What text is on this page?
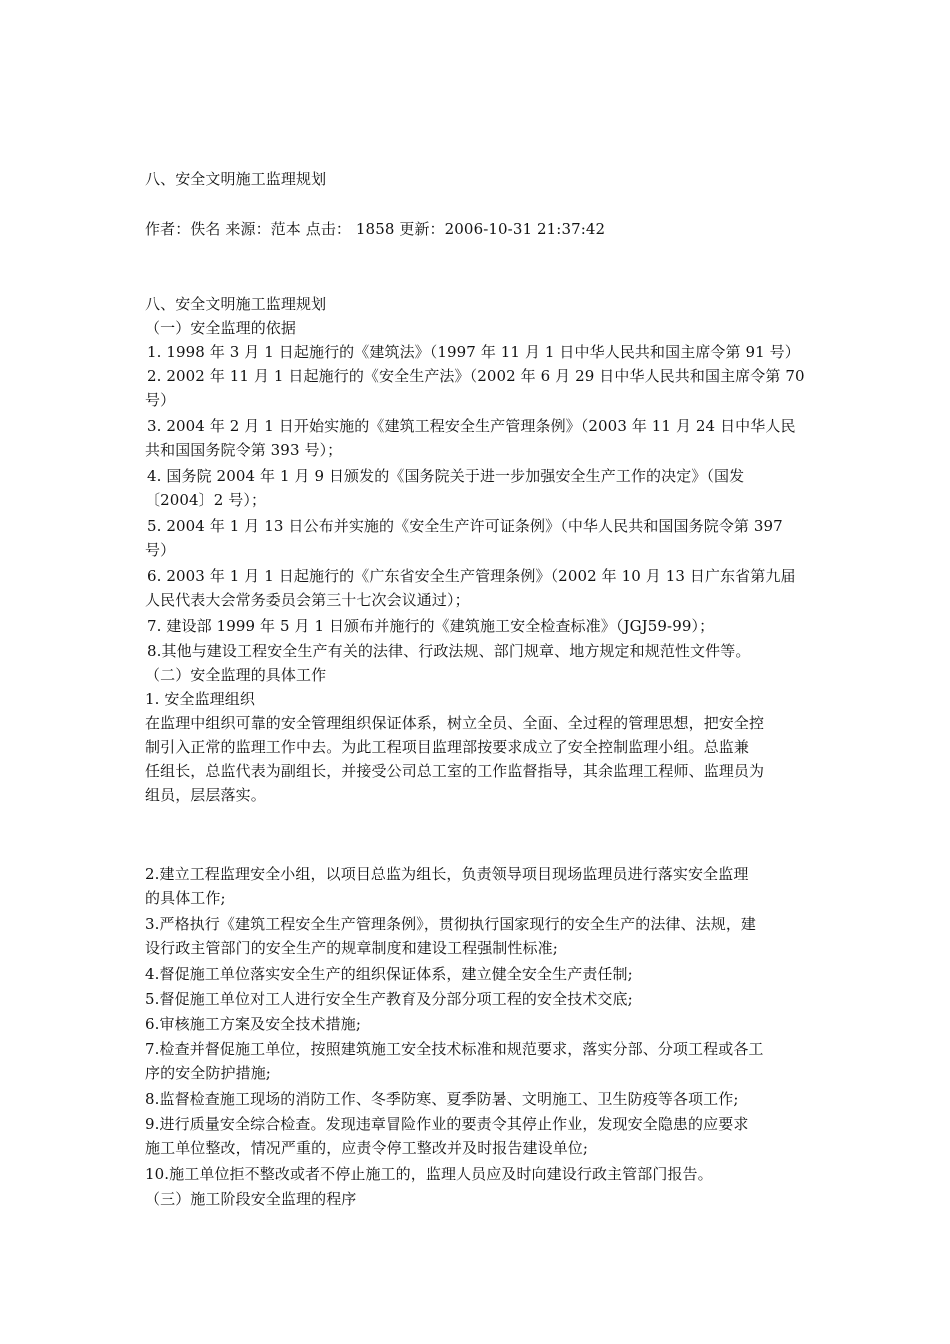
八、安全文明施工监理规划
作者：佚名 来源：范本 点击： 1858 更新：2006-10-31 21:37:42
八、安全文明施工监理规划
（一）安全监理的依据
1. 1998 年 3 月 1 日起施行的《建筑法》（1997 年 11 月 1 日中华人民共和国主席令第 91 号）
2. 2002 年 11 月 1 日起施行的《安全生产法》（2002 年 6 月 29 日中华人民共和国主席令第 70
号）
3. 2004 年 2 月 1 日开始实施的《建筑工程安全生产管理条例》（2003 年 11 月 24 日中华人民
共和国国务院令第 393 号）；
4. 国务院 2004 年 1 月 9 日颁发的《国务院关于进一步加强安全生产工作的决定》（国发
〔2004〕2 号）；
5. 2004 年 1 月 13 日公布并实施的《安全生产许可证条例》（中华人民共和国国务院令第 397
号）
6. 2003 年 1 月 1 日起施行的《广东省安全生产管理条例》（2002 年 10 月 13 日广东省第九届
人民代表大会常务委员会第三十七次会议通过）；
7. 建设部 1999 年 5 月 1 日颁布并施行的《建筑施工安全检查标准》（JGJ59-99）；
8.其他与建设工程安全生产有关的法律、行政法规、部门规章、地方规定和规范性文件等。
（二）安全监理的具体工作
1. 安全监理组织
在监理中组织可靠的安全管理组织保证体系，树立全员、全面、全过程的管理思想，把安全控
制引入正常的监理工作中去。为此工程项目监理部按要求成立了安全控制监理小组。总监兼
任组长，总监代表为副组长，并接受公司总工室的工作监督指导，其余监理工程师、监理员为
组员，层层落实。
2.建立工程监理安全小组，以项目总监为组长，负责领导项目现场监理员进行落实安全监理
的具体工作;
3.严格执行《建筑工程安全生产管理条例》，贯彻执行国家现行的安全生产的法律、法规，建
设行政主管部门的安全生产的规章制度和建设工程强制性标准;
4.督促施工单位落实安全生产的组织保证体系，建立健全安全生产责任制;
5.督促施工单位对工人进行安全生产教育及分部分项工程的安全技术交底;
6.审核施工方案及安全技术措施;
7.检查并督促施工单位，按照建筑施工安全技术标准和规范要求，落实分部、分项工程或各工
序的安全防护措施;
8.监督检查施工现场的消防工作、冬季防寒、夏季防暑、文明施工、卫生防疫等各项工作;
9.进行质量安全综合检查。发现违章冒险作业的要责令其停止作业，发现安全隐患的应要求
施工单位整改，情况严重的，应责令停工整改并及时报告建设单位;
10.施工单位拒不整改或者不停止施工的，监理人员应及时向建设行政主管部门报告。
（三）施工阶段安全监理的程序
